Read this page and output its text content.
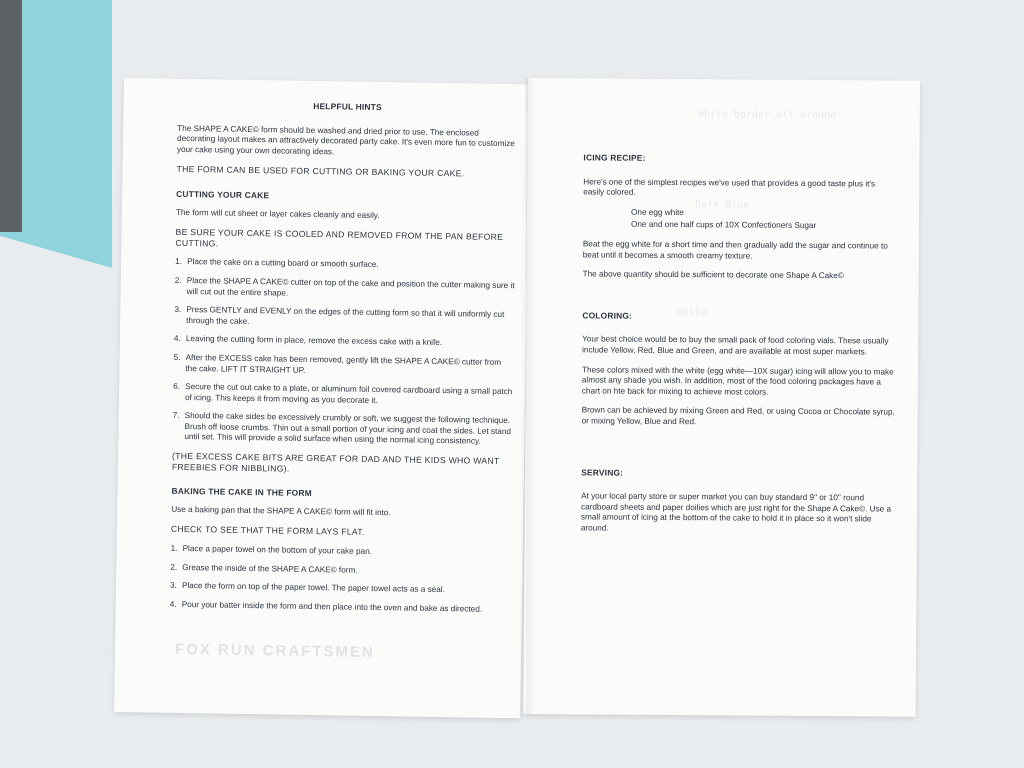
HELPFUL HINTS

The SHAPE A CAKE© form should be washed and dried prior to use. The enclosed decorating layout makes an attractively decorated party cake. It's even more fun to customize your cake using your own decorating ideas.

THE FORM CAN BE USED FOR CUTTING OR BAKING YOUR CAKE.

CUTTING YOUR CAKE

The form will cut sheet or layer cakes cleanly and easily.

BE SURE YOUR CAKE IS COOLED AND REMOVED FROM THE PAN BEFORE CUTTING.

1. Place the cake on a cutting board or smooth surface.
2. Place the SHAPE A CAKE© cutter on top of the cake and position the cutter making sure it will cut out the entire shape.
3. Press GENTLY and EVENLY on the edges of the cutting form so that it will uniformly cut through the cake.
4. Leaving the cutting form in place, remove the excess cake with a knife.
5. After the EXCESS cake has been removed, gently lift the SHAPE A CAKE© cutter from the cake. LIFT IT STRAIGHT UP.
6. Secure the cut out cake to a plate, or aluminum foil covered cardboard using a small patch of icing. This keeps it from moving as you decorate it.
7. Should the cake sides be excessively crumbly or soft, we suggest the following technique. Brush off loose crumbs. Thin out a small portion of your icing and coat the sides. Let stand until set. This will provide a solid surface when using the normal icing consistency.

(THE EXCESS CAKE BITS ARE GREAT FOR DAD AND THE KIDS WHO WANT FREEBIES FOR NIBBLING).

BAKING THE CAKE IN THE FORM

Use a baking pan that the SHAPE A CAKE© form will fit into.

CHECK TO SEE THAT THE FORM LAYS FLAT.

1. Place a paper towel on the bottom of your cake pan.
2. Grease the inside of the SHAPE A CAKE© form.
3. Place the form on top of the paper towel. The paper towel acts as a seal.
4. Pour your batter inside the form and then place into the oven and bake as directed.
FOX RUN CRAFTSMEN
White border all around
Dark Blue
White
ICING RECIPE:

Here's one of the simplest recipes we've used that provides a good taste plus it's easily colored.

One egg white
One and one half cups of 10X Confectioners Sugar

Beat the egg white for a short time and then gradually add the sugar and continue to beat until it becomes a smooth creamy texture.

The above quantity should be sufficient to decorate one Shape A Cake©

COLORING:

Your best choice would be to buy the small pack of food coloring vials. These usually include Yellow, Red, Blue and Green, and are available at most super markets.

These colors mixed with the white (egg white—10X sugar) icing will allow you to make almost any shade you wish. In addition, most of the food coloring packages have a chart on hte back for mixing to achieve most colors.

Brown can be achieved by mixing Green and Red, or using Cocoa or Chocolate syrup, or mixing Yellow, Blue and Red.

SERVING:

At your local party store or super market you can buy standard 9" or 10" round cardboard sheets and paper doilies which are just right for the Shape A Cake©. Use a small amount of icing at the bottom of the cake to hold it in place so it won't slide around.
